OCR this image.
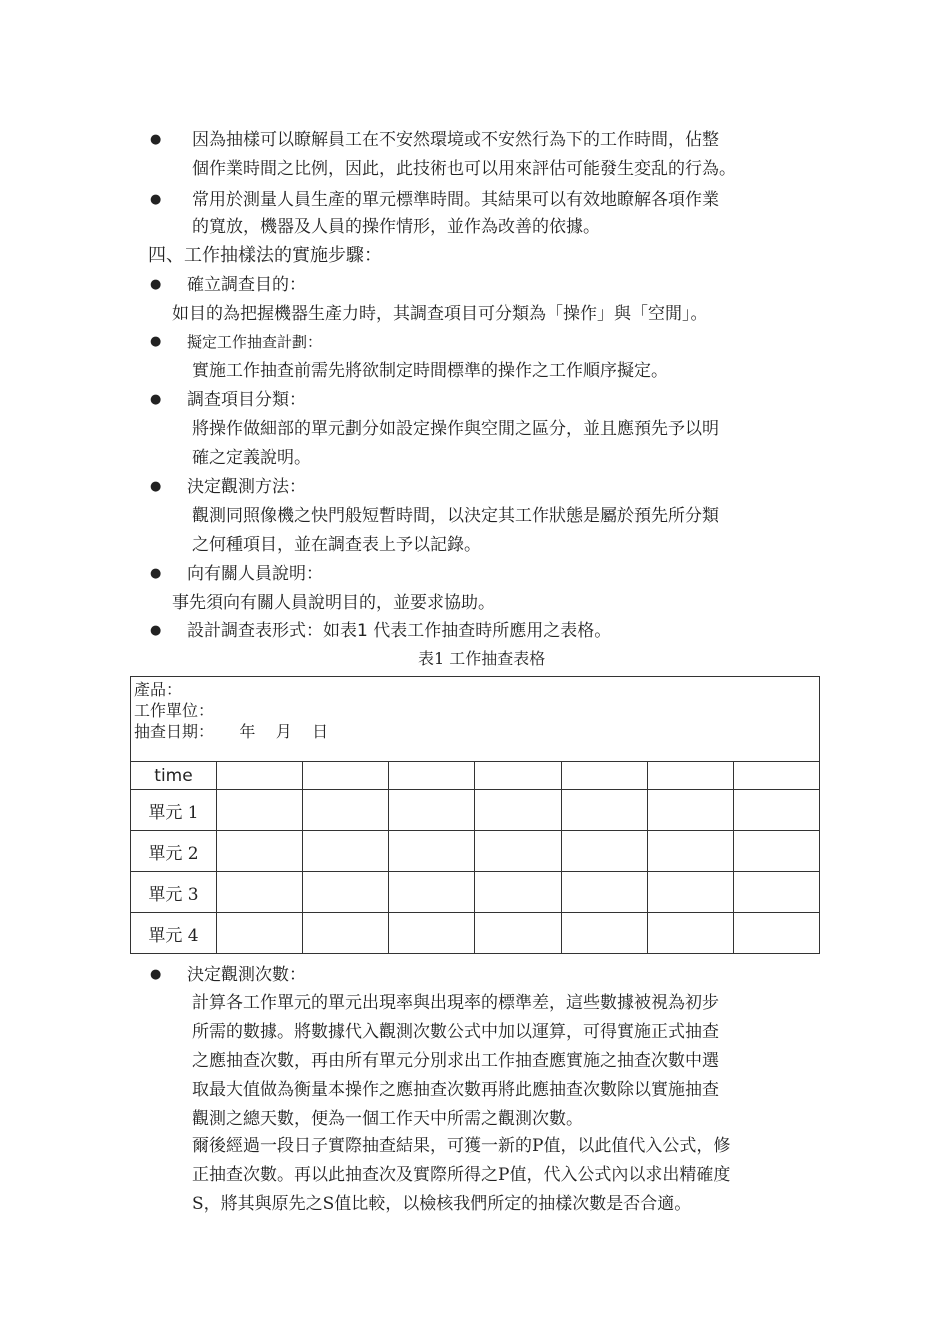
● 因為抽樣可以瞭解員工在不安然環境或不安然行為下的工作時間，佔整
個作業時間之比例，因此，此技術也可以用來評估可能發生変乱的行為。
● 常用於測量人員生產的單元標準時間。其結果可以有效地瞭解各項作業
的寬放，機器及人員的操作情形，並作為改善的依據。
四、工作抽樣法的實施步驟：
● 確立調查目的：
如目的為把握機器生產力時，其調查項目可分類為「操作」與「空閒」。
● 擬定工作抽查計劃：
實施工作抽查前需先將欲制定時間標準的操作之工作順序擬定。
● 調查項目分類：
將操作做細部的單元劃分如設定操作與空閒之區分，並且應預先予以明
確之定義說明。
● 決定觀測方法：
觀測同照像機之快門般短暫時間，以決定其工作狀態是屬於預先所分類
之何種項目，並在調查表上予以記錄。
● 向有關人員說明：
事先須向有關人員說明目的，並要求協助。
● 設計調查表形式：如表1 代表工作抽查時所應用之表格。
表1 工作抽查表格
產品：
工作單位：
抽查日期：     年    月    日							

time							
單元 1							
單元 2							
單元 3							
單元 4							
● 決定觀測次數：
計算各工作單元的單元出現率與出現率的標準差，這些數據被視為初步
所需的數據。將數據代入觀測次數公式中加以運算，可得實施正式抽查
之應抽查次數，再由所有單元分別求出工作抽查應實施之抽查次數中選
取最大值做為衡量本操作之應抽查次數再將此應抽查次數除以實施抽查
觀測之總天數，便為一個工作天中所需之觀測次數。
爾後經過一段日子實際抽查結果，可獲一新的P值，以此值代入公式，修
正抽查次數。再以此抽查次及實際所得之P值，代入公式內以求出精確度
S，將其與原先之S值比較，以檢核我們所定的抽樣次數是否合適。
